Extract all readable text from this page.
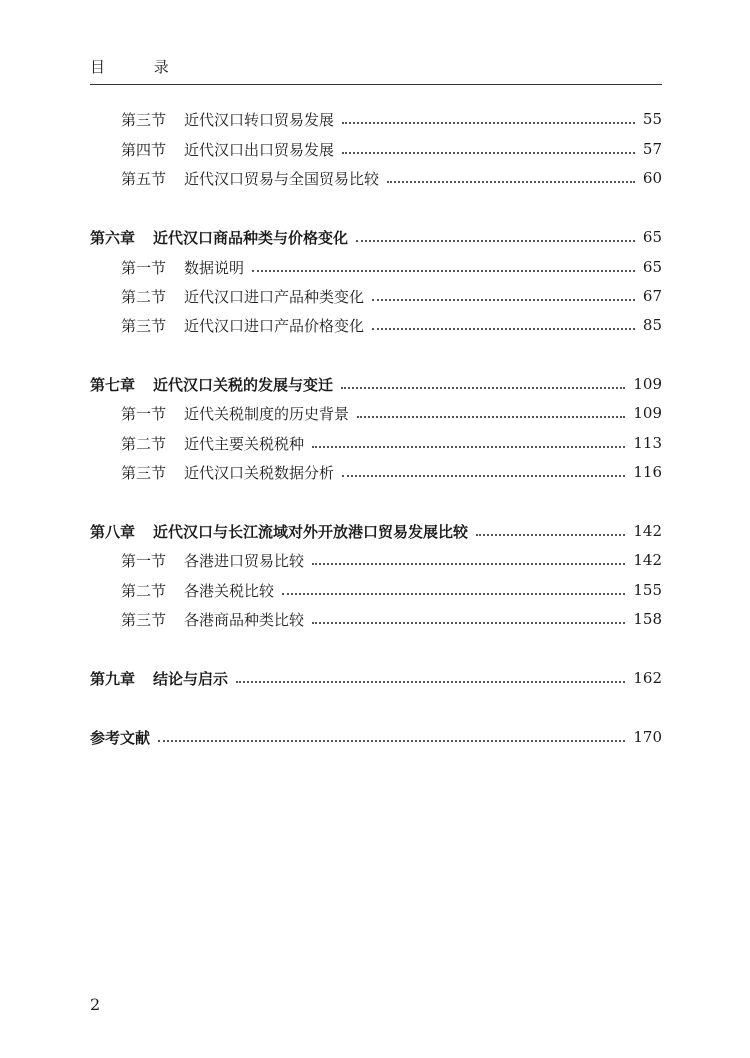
目 录
第三节 近代汉口转口贸易发展	55
第四节 近代汉口出口贸易发展	57
第五节 近代汉口贸易与全国贸易比较	60
第六章 近代汉口商品种类与价格变化	65
第一节 数据说明	65
第二节 近代汉口进口产品种类变化	67
第三节 近代汉口进口产品价格变化	85
第七章 近代汉口关税的发展与变迁	109
第一节 近代关税制度的历史背景	109
第二节 近代主要关税税种	113
第三节 近代汉口关税数据分析	116
第八章 近代汉口与长江流域对外开放港口贸易发展比较	142
第一节 各港进口贸易比较	142
第二节 各港关税比较	155
第三节 各港商品种类比较	158
第九章 结论与启示	162
参考文献	170
2
